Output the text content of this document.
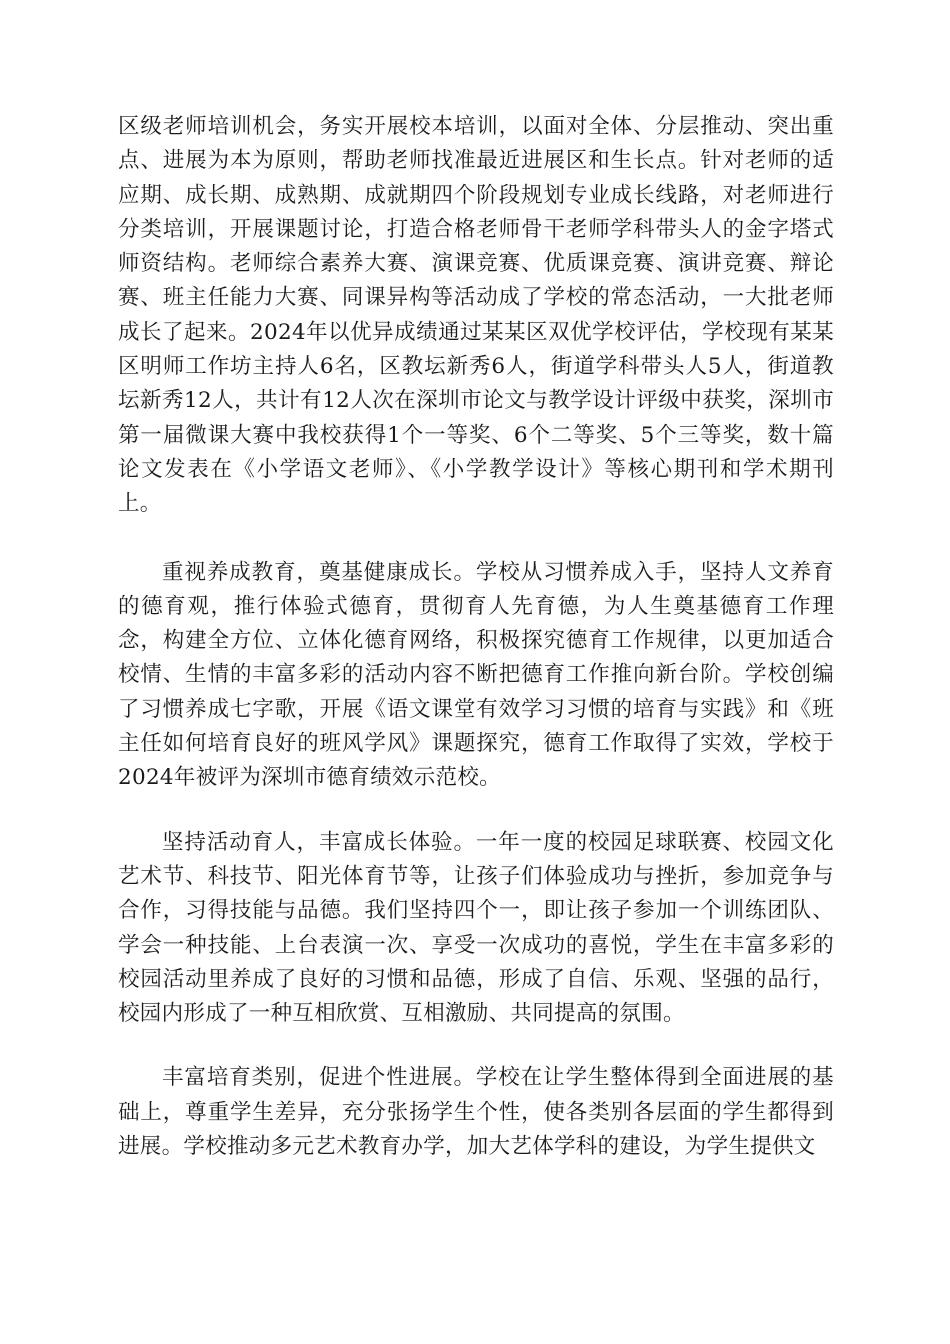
区级老师培训机会，务实开展校本培训，以面对全体、分层推动、突出重点、进展为本为原则，帮助老师找准最近进展区和生长点。针对老师的适应期、成长期、成熟期、成就期四个阶段规划专业成长线路，对老师进行分类培训，开展课题讨论，打造合格老师骨干老师学科带头人的金字塔式师资结构。老师综合素养大赛、演课竞赛、优质课竞赛、演讲竞赛、辩论赛、班主任能力大赛、同课异构等活动成了学校的常态活动，一大批老师成长了起来。2024年以优异成绩通过某某区双优学校评估，学校现有某某区明师工作坊主持人6名，区教坛新秀6人，街道学科带头人5人，街道教坛新秀12人，共计有12人次在深圳市论文与教学设计评级中获奖，深圳市第一届微课大赛中我校获得1个一等奖、6个二等奖、5个三等奖，数十篇论文发表在《小学语文老师》、《小学教学设计》等核心期刊和学术期刊上。

重视养成教育，奠基健康成长。学校从习惯养成入手，坚持人文养育的德育观，推行体验式德育，贯彻育人先育德，为人生奠基德育工作理念，构建全方位、立体化德育网络，积极探究德育工作规律，以更加适合校情、生情的丰富多彩的活动内容不断把德育工作推向新台阶。学校创编了习惯养成七字歌，开展《语文课堂有效学习习惯的培育与实践》和《班主任如何培育良好的班风学风》课题探究，德育工作取得了实效，学校于2024年被评为深圳市德育绩效示范校。

坚持活动育人，丰富成长体验。一年一度的校园足球联赛、校园文化艺术节、科技节、阳光体育节等，让孩子们体验成功与挫折，参加竞争与合作，习得技能与品德。我们坚持四个一，即让孩子参加一个训练团队、学会一种技能、上台表演一次、享受一次成功的喜悦，学生在丰富多彩的校园活动里养成了良好的习惯和品德，形成了自信、乐观、坚强的品行，校园内形成了一种互相欣赏、互相激励、共同提高的氛围。

丰富培育类别，促进个性进展。学校在让学生整体得到全面进展的基础上，尊重学生差异，充分张扬学生个性，使各类别各层面的学生都得到进展。学校推动多元艺术教育办学，加大艺体学科的建设，为学生提供文
